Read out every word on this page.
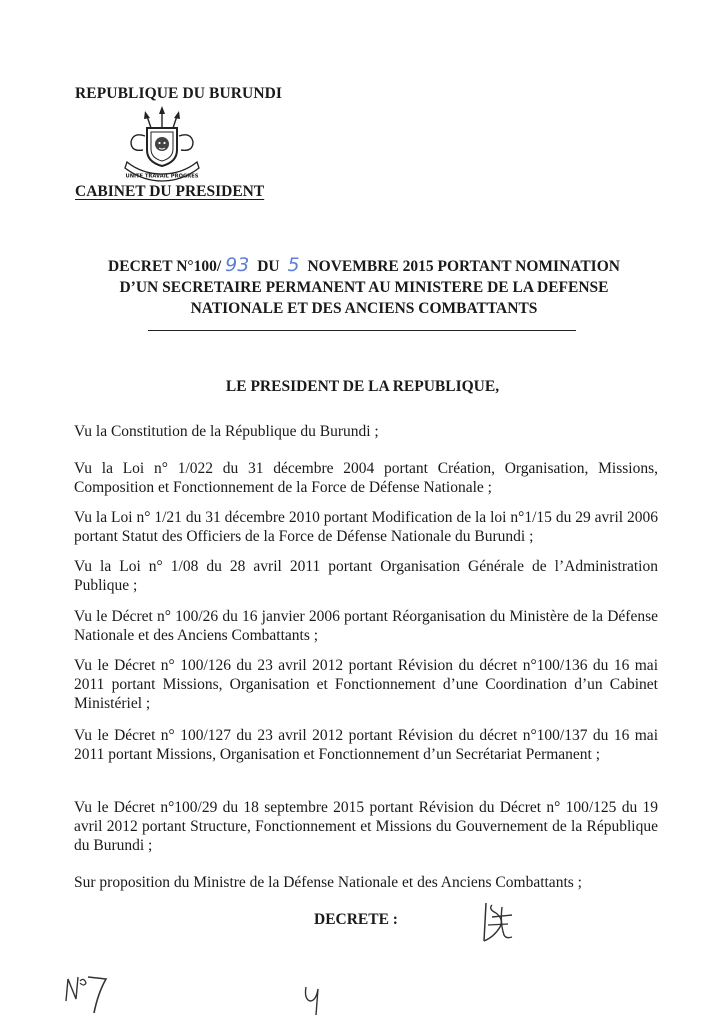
REPUBLIQUE DU BURUNDI
UNITE TRAVAIL PROGRES
CABINET DU PRESIDENT
DECRET N°100/ 93 DU 5 NOVEMBRE 2015 PORTANT NOMINATION
D’UN SECRETAIRE PERMANENT AU MINISTERE DE LA DEFENSE
NATIONALE ET DES ANCIENS COMBATTANTS
LE PRESIDENT DE LA REPUBLIQUE,

Vu la Constitution de la République du Burundi ;

Vu la Loi n° 1/022 du 31 décembre 2004 portant Création, Organisation, Missions, Composition et Fonctionnement de la Force de Défense Nationale ;

Vu la Loi n° 1/21 du 31 décembre 2010 portant Modification de la loi n°1/15 du 29 avril 2006 portant Statut des Officiers de la Force de Défense Nationale du Burundi ;

Vu la Loi n° 1/08 du 28 avril 2011 portant Organisation Générale de l’Administration Publique ;

Vu le Décret n° 100/26 du 16 janvier 2006 portant Réorganisation du Ministère de la Défense Nationale et des Anciens Combattants ;

Vu le Décret n° 100/126 du 23 avril 2012 portant Révision du décret n°100/136 du 16 mai 2011 portant Missions, Organisation et Fonctionnement d’une Coordination d’un Cabinet Ministériel ;

Vu le Décret n° 100/127 du 23 avril 2012 portant Révision du décret n°100/137 du 16 mai 2011 portant Missions, Organisation et Fonctionnement d’un Secrétariat Permanent ;

Vu le Décret n°100/29 du 18 septembre 2015 portant Révision du Décret n° 100/125 du 19 avril 2012 portant Structure, Fonctionnement et Missions du Gouvernement de la République du Burundi ;

Sur proposition du Ministre de la Défense Nationale et des Anciens Combattants ;

DECRETE :
